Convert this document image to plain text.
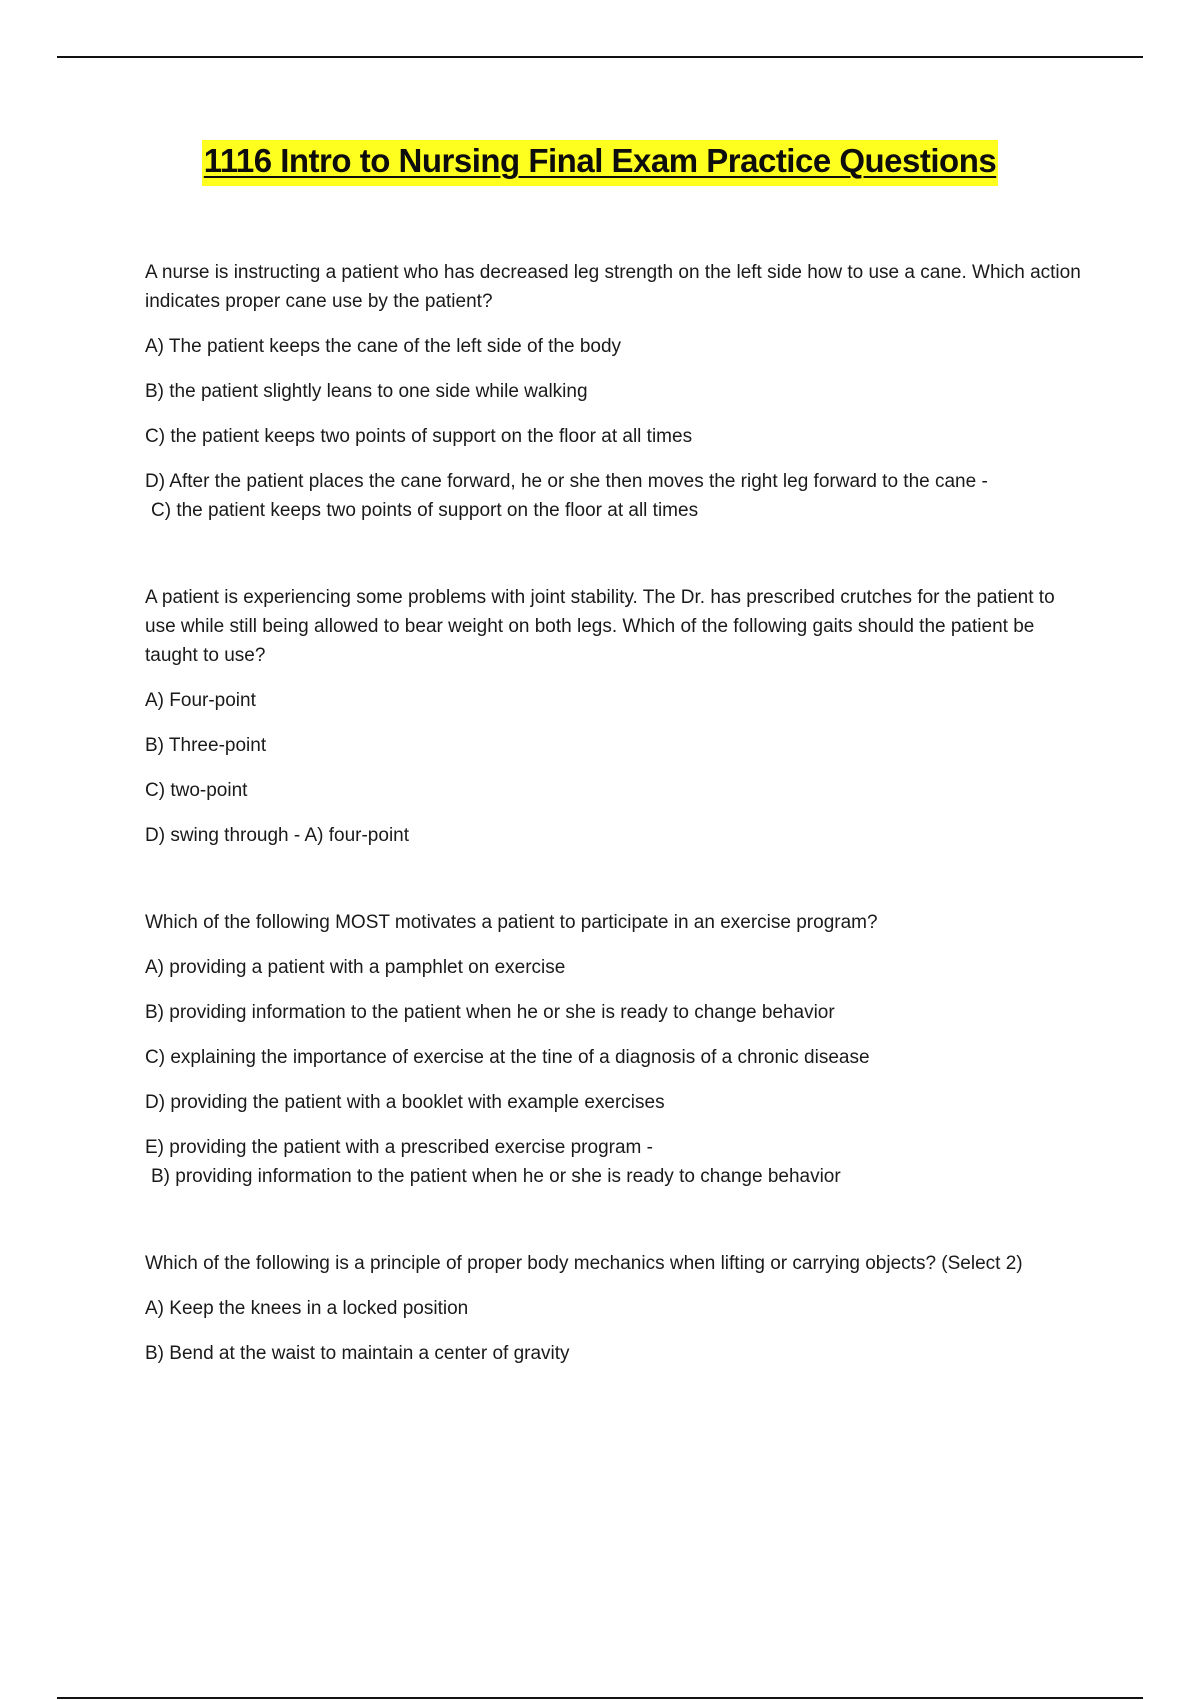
1116 Intro to Nursing Final Exam Practice Questions

A nurse is instructing a patient who has decreased leg strength on the left side how to use a cane. Which action indicates proper cane use by the patient?

A) The patient keeps the cane of the left side of the body

B) the patient slightly leans to one side while walking

C) the patient keeps two points of support on the floor at all times

D) After the patient places the cane forward, he or she then moves the right leg forward to the cane -

C) the patient keeps two points of support on the floor at all times

A patient is experiencing some problems with joint stability. The Dr. has prescribed crutches for the patient to use while still being allowed to bear weight on both legs. Which of the following gaits should the patient be taught to use?

A) Four-point

B) Three-point

C) two-point

D) swing through - A) four-point

Which of the following MOST motivates a patient to participate in an exercise program?

A) providing a patient with a pamphlet on exercise

B) providing information to the patient when he or she is ready to change behavior

C) explaining the importance of exercise at the tine of a diagnosis of a chronic disease

D) providing the patient with a booklet with example exercises

E) providing the patient with a prescribed exercise program -

B) providing information to the patient when he or she is ready to change behavior

Which of the following is a principle of proper body mechanics when lifting or carrying objects? (Select 2)

A) Keep the knees in a locked position

B) Bend at the waist to maintain a center of gravity
